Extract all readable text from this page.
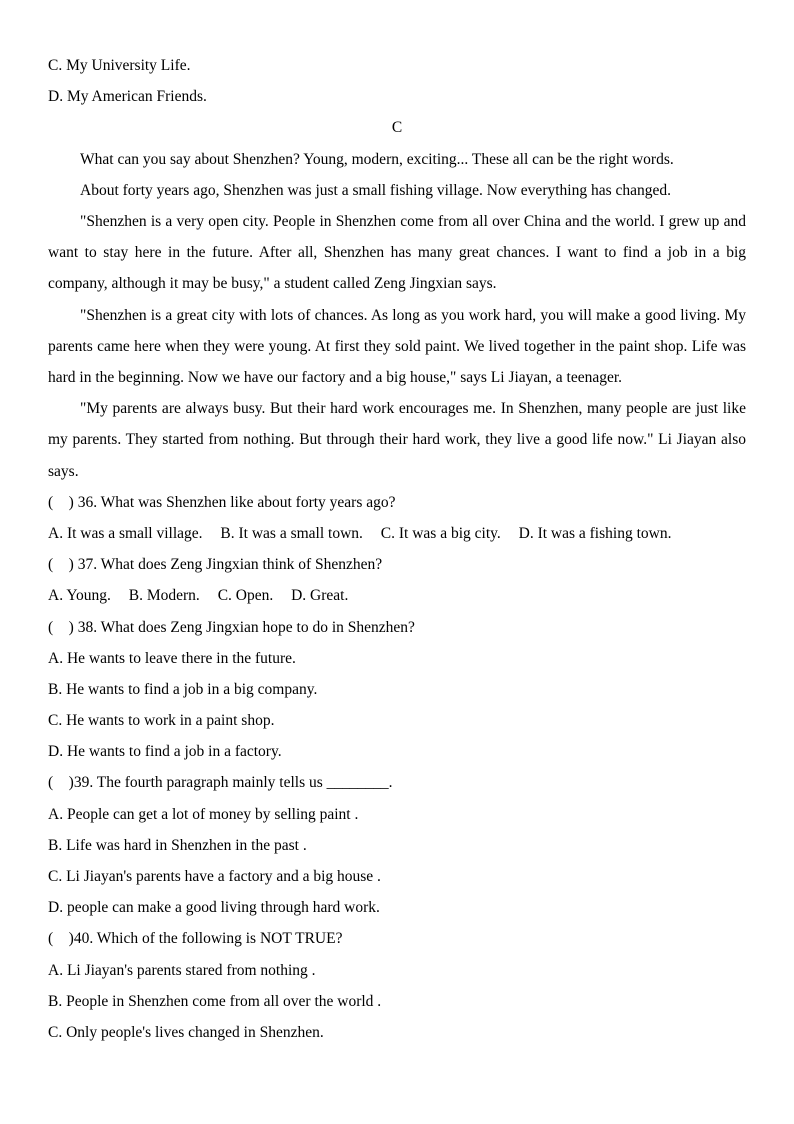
C. My University Life.
D. My American Friends.
C

What can you say about Shenzhen? Young, modern, exciting... These all can be the right words.

About forty years ago, Shenzhen was just a small fishing village. Now everything has changed.

"Shenzhen is a very open city. People in Shenzhen come from all over China and the world. I grew up and want to stay here in the future. After all, Shenzhen has many great chances. I want to find a job in a big company, although it may be busy," a student called Zeng Jingxian says.

"Shenzhen is a great city with lots of chances. As long as you work hard, you will make a good living. My parents came here when they were young. At first they sold paint. We lived together in the paint shop. Life was hard in the beginning. Now we have our factory and a big house," says Li Jiayan, a teenager.

"My parents are always busy. But their hard work encourages me. In Shenzhen, many people are just like my parents. They started from nothing. But through their hard work, they live a good life now." Li Jiayan also says.

(    ) 36. What was Shenzhen like about forty years ago?
A. It was a small village. B. It was a small town. C. It was a big city. D. It was a fishing town.
(    ) 37. What does Zeng Jingxian think of Shenzhen?
A. Young. B. Modern. C. Open. D. Great.
(    ) 38. What does Zeng Jingxian hope to do in Shenzhen?
A. He wants to leave there in the future.
B. He wants to find a job in a big company.
C. He wants to work in a paint shop.
D. He wants to find a job in a factory.
(    )39. The fourth paragraph mainly tells us ________.
A. People can get a lot of money by selling paint .
B. Life was hard in Shenzhen in the past .
C. Li Jiayan's parents have a factory and a big house .
D. people can make a good living through hard work.
(    )40. Which of the following is NOT TRUE?
A. Li Jiayan's parents stared from nothing .
B. People in Shenzhen come from all over the world .
C. Only people's lives changed in Shenzhen.
